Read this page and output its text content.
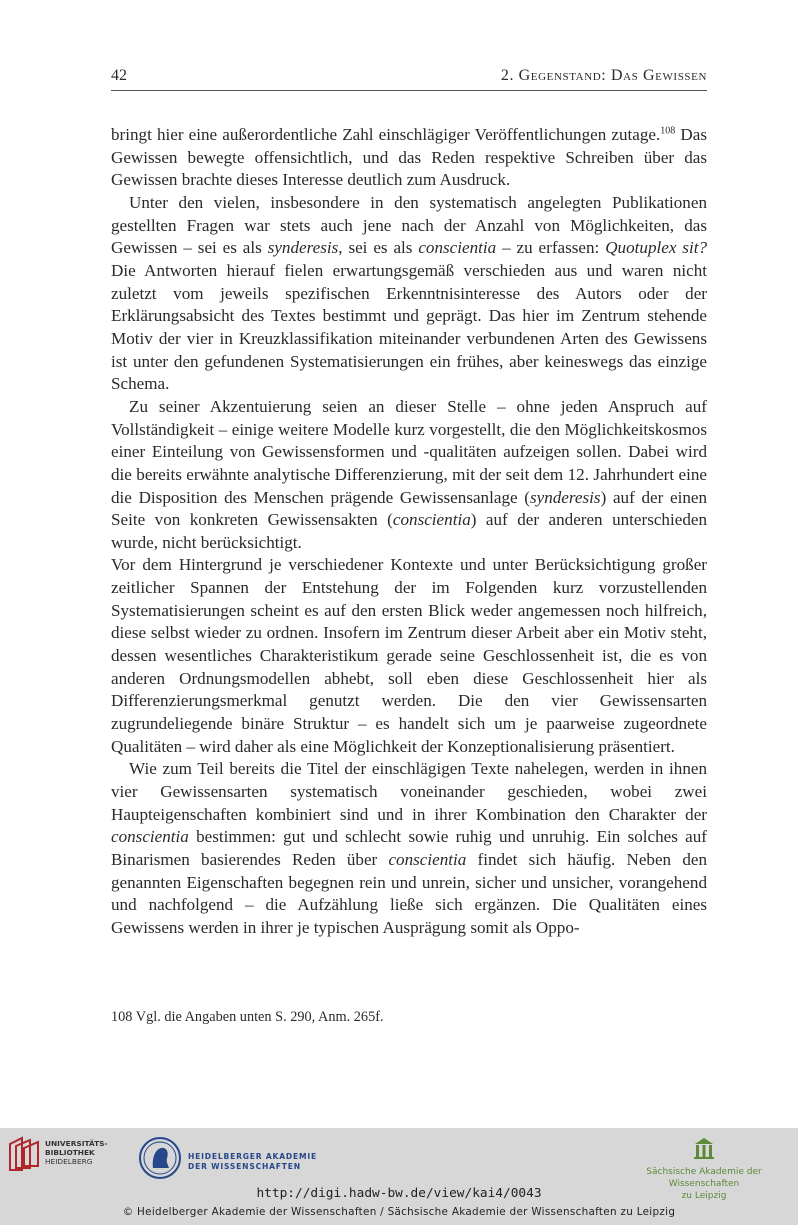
42	2. Gegenstand: Das Gewissen

bringt hier eine außerordentliche Zahl einschlägiger Veröffentlichungen zutage.$^{108}$ Das Gewissen bewegte offensichtlich, und das Reden respektive Schreiben über das Gewissen brachte dieses Interesse deutlich zum Ausdruck.

Unter den vielen, insbesondere in den systematisch angelegten Publikationen gestellten Fragen war stets auch jene nach der Anzahl von Möglichkeiten, das Gewissen – sei es als synderesis, sei es als conscientia – zu erfassen: Quotuplex sit? Die Antworten hierauf fielen erwartungsgemäß verschieden aus und waren nicht zuletzt vom jeweils spezifischen Erkenntnisinteresse des Autors oder der Erklärungsabsicht des Textes bestimmt und geprägt. Das hier im Zentrum stehende Motiv der vier in Kreuzklassifikation miteinander verbundenen Arten des Gewissens ist unter den gefundenen Systematisierungen ein frühes, aber keineswegs das einzige Schema.

Zu seiner Akzentuierung seien an dieser Stelle – ohne jeden Anspruch auf Vollständigkeit – einige weitere Modelle kurz vorgestellt, die den Möglichkeitskosmos einer Einteilung von Gewissensformen und -qualitäten aufzeigen sollen. Dabei wird die bereits erwähnte analytische Differenzierung, mit der seit dem 12. Jahrhundert eine die Disposition des Menschen prägende Gewissensanlage (synderesis) auf der einen Seite von konkreten Gewissensakten (conscientia) auf der anderen unterschieden wurde, nicht berücksichtigt.

Vor dem Hintergrund je verschiedener Kontexte und unter Berücksichtigung großer zeitlicher Spannen der Entstehung der im Folgenden kurz vorzustellenden Systematisierungen scheint es auf den ersten Blick weder angemessen noch hilfreich, diese selbst wieder zu ordnen. Insofern im Zentrum dieser Arbeit aber ein Motiv steht, dessen wesentliches Charakteristikum gerade seine Geschlossenheit ist, die es von anderen Ordnungsmodellen abhebt, soll eben diese Geschlossenheit hier als Differenzierungsmerkmal genutzt werden. Die den vier Gewissensarten zugrundeliegende binäre Struktur – es handelt sich um je paarweise zugeordnete Qualitäten – wird daher als eine Möglichkeit der Konzeptionalisierung präsentiert.

Wie zum Teil bereits die Titel der einschlägigen Texte nahelegen, werden in ihnen vier Gewissensarten systematisch voneinander geschieden, wobei zwei Haupteigenschaften kombiniert sind und in ihrer Kombination den Charakter der conscientia bestimmen: gut und schlecht sowie ruhig und unruhig. Ein solches auf Binarismen basierendes Reden über conscientia findet sich häufig. Neben den genannten Eigenschaften begegnen rein und unrein, sicher und unsicher, vorangehend und nachfolgend – die Aufzählung ließe sich ergänzen. Die Qualitäten eines Gewissens werden in ihrer je typischen Ausprägung somit als Oppo-

108 Vgl. die Angaben unten S. 290, Anm. 265f.
UNIVERSITÄTS-
BIBLIOTHEK
HEIDELBERG
HEIDELBERGER AKADEMIE
DER WISSENSCHAFTEN
Sächsische Akademie der Wissenschaften
zu Leipzig
http://digi.hadw-bw.de/view/kai4/0043
© Heidelberger Akademie der Wissenschaften / Sächsische Akademie der Wissenschaften zu Leipzig
